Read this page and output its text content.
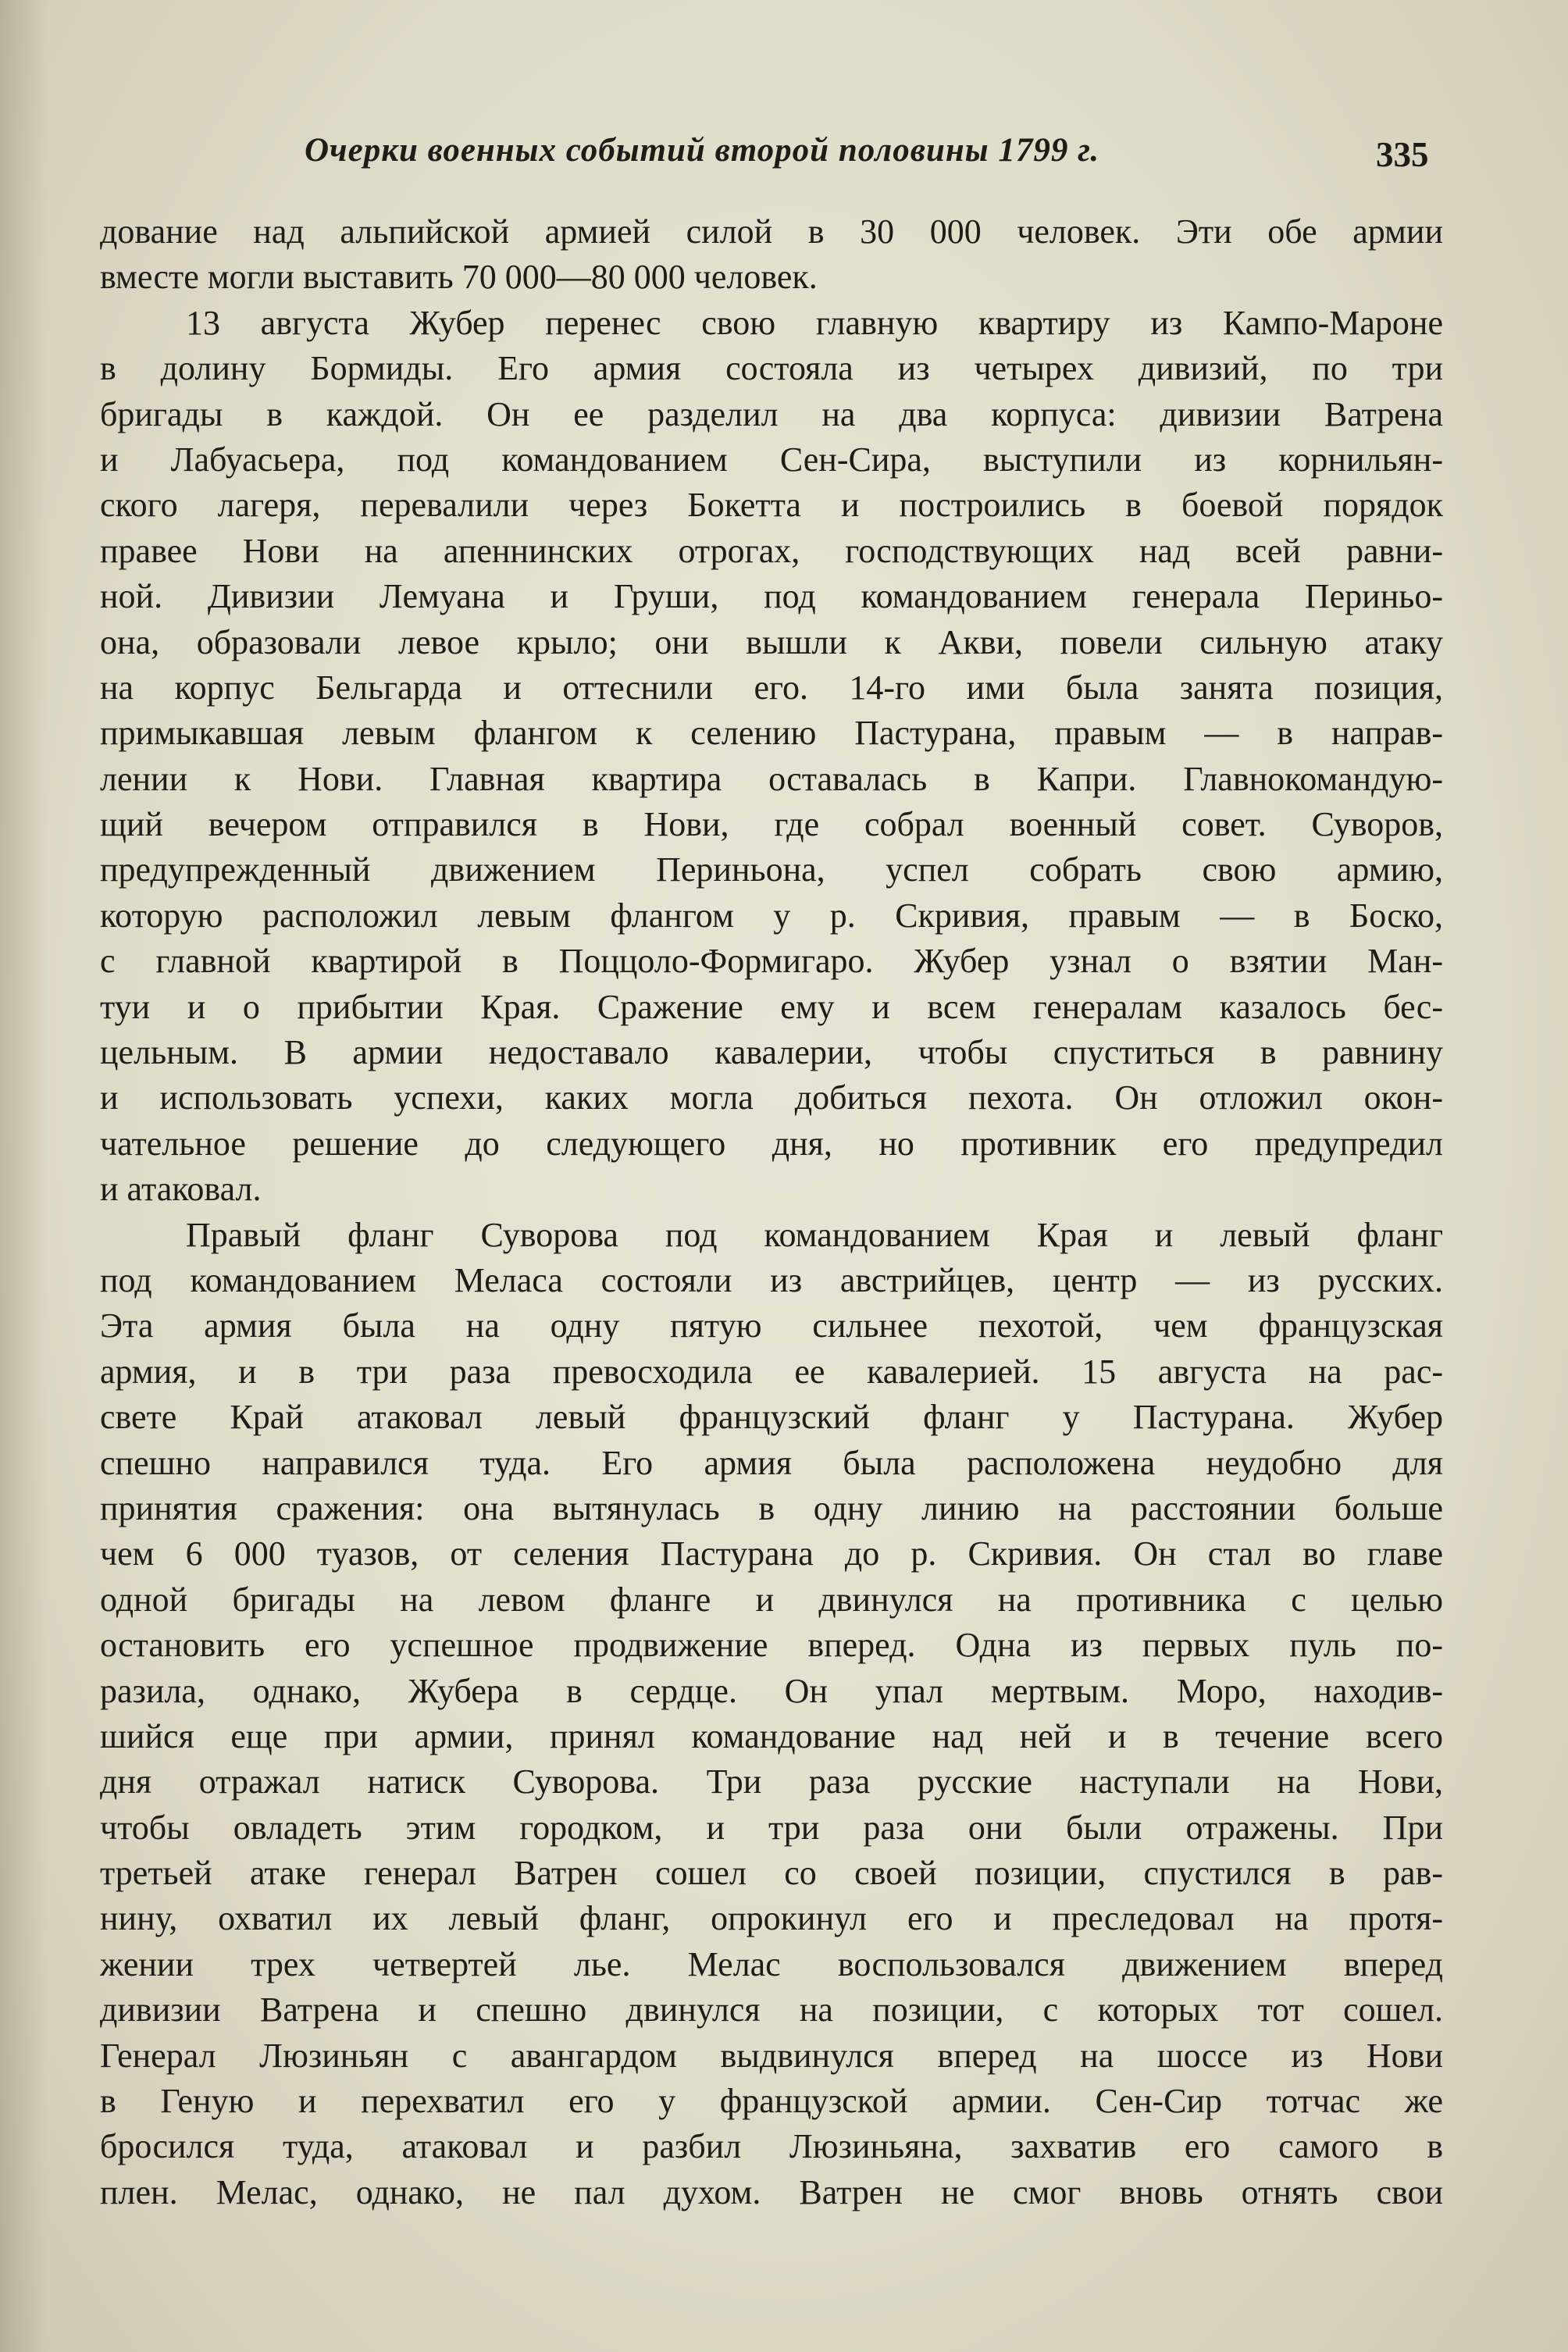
Очерки военных событий второй половины 1799 г.	335
дование над альпийской армией силой в 30 000 человек. Эти обе армии
вместе могли выставить 70 000—80 000 человек.
13 августа Жубер перенес свою главную квартиру из Кампо-Мароне
в долину Бормиды. Его армия состояла из четырех дивизий, по три
бригады в каждой. Он ее разделил на два корпуса: дивизии Ватрена
и Лабуасьера, под командованием Сен-Сира, выступили из корнильян-
ского лагеря, перевалили через Бокетта и построились в боевой порядок
правее Нови на апеннинских отрогах, господствующих над всей равни-
ной. Дивизии Лемуана и Груши, под командованием генерала Периньо-
она, образовали левое крыло; они вышли к Акви, повели сильную атаку
на корпус Бельгарда и оттеснили его. 14-го ими была занята позиция,
примыкавшая левым флангом к селению Пастурана, правым — в направ-
лении к Нови. Главная квартира оставалась в Капри. Главнокомандую-
щий вечером отправился в Нови, где собрал военный совет. Суворов,
предупрежденный движением Периньона, успел собрать свою армию,
которую расположил левым флангом у р. Скривия, правым — в Боско,
с главной квартирой в Поццоло-Формигаро. Жубер узнал о взятии Ман-
туи и о прибытии Края. Сражение ему и всем генералам казалось бес-
цельным. В армии недоставало кавалерии, чтобы спуститься в равнину
и использовать успехи, каких могла добиться пехота. Он отложил окон-
чательное решение до следующего дня, но противник его предупредил
и атаковал.
Правый фланг Суворова под командованием Края и левый фланг
под командованием Меласа состояли из австрийцев, центр — из русских.
Эта армия была на одну пятую сильнее пехотой, чем французская
армия, и в три раза превосходила ее кавалерией. 15 августа на рас-
свете Край атаковал левый французский фланг у Пастурана. Жубер
спешно направился туда. Его армия была расположена неудобно для
принятия сражения: она вытянулась в одну линию на расстоянии больше
чем 6 000 туазов, от селения Пастурана до р. Скривия. Он стал во главе
одной бригады на левом фланге и двинулся на противника с целью
остановить его успешное продвижение вперед. Одна из первых пуль по-
разила, однако, Жубера в сердце. Он упал мертвым. Моро, находив-
шийся еще при армии, принял командование над ней и в течение всего
дня отражал натиск Суворова. Три раза русские наступали на Нови,
чтобы овладеть этим городком, и три раза они были отражены. При
третьей атаке генерал Ватрен сошел со своей позиции, спустился в рав-
нину, охватил их левый фланг, опрокинул его и преследовал на протя-
жении трех четвертей лье. Мелас воспользовался движением вперед
дивизии Ватрена и спешно двинулся на позиции, с которых тот сошел.
Генерал Люзиньян с авангардом выдвинулся вперед на шоссе из Нови
в Геную и перехватил его у французской армии. Сен-Сир тотчас же
бросился туда, атаковал и разбил Люзиньяна, захватив его самого в
плен. Мелас, однако, не пал духом. Ватрен не смог вновь отнять свои
